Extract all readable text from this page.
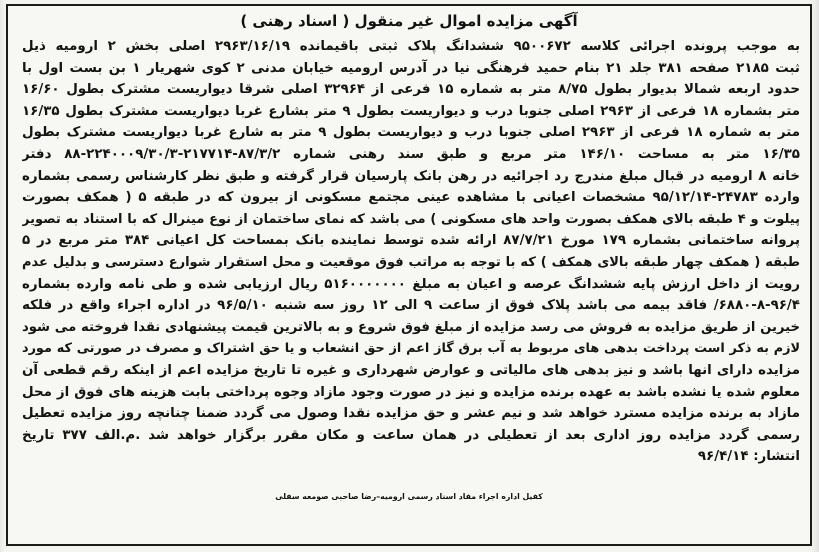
آگهی مزایده اموال غیر منقول ( اسناد رهنی )
به موجب پرونده اجرائی کلاسه ۹۵۰۰۶۷۲ ششدانگ پلاک ثبتی باقیمانده ۲۹۶۳/۱۶/۱۹ اصلی بخش ۲ ارومیه ذیل
ثبت ۲۱۸۵ صفحه ۳۸۱ جلد ۲۱ بنام حمید فرهنگی نیا در آدرس ارومیه خیابان مدنی ۲ کوی شهریار ۱ بن بست اول با
حدود اربعه شمالا بدیوار بطول ۸/۷۵ متر به شماره ۱۵ فرعی از ۳۲۹۶۴ اصلی شرقا دیواریست مشترک بطول ۱۶/۶۰
متر بشماره ۱۸ فرعی از ۲۹۶۳ اصلی جنوبا درب و دیواریست بطول ۹ متر بشارع غربا دیواریست مشترک بطول ۱۶/۳۵
متر به شماره ۱۸ فرعی از ۲۹۶۳ اصلی جنوبا درب و دیواریست بطول ۹ متر به شارع غربا دیواریست مشترک بطول
۱۶/۳۵ متر به مساحت ۱۴۶/۱۰ متر مربع و طبق سند رهنی شماره ۸۷/۳/۲-۲۱۷۷۱۴-۲۲۴۰۰۰۹/۳۰/۳-۸۸ دفتر
خانه ۸ ارومیه در قبال مبلغ مندرج رد اجرائیه در رهن بانک پارسیان قرار گرفته و طبق نظر کارشناس رسمی بشماره
وارده ۲۴۷۸۳-۹۵/۱۲/۱۴ مشخصات اعیانی با مشاهده عینی مجتمع مسکونی از بیرون که در طبقه ۵ ( همکف بصورت
پیلوت و ۴ طبقه بالای همکف بصورت واحد های مسکونی ) می باشد که نمای ساختمان از نوع مینرال که با استناد به تصویر
پروانه ساختمانی بشماره ۱۷۹ مورخ ۸۷/۷/۲۱ ارائه شده توسط نماینده بانک بمساحت کل اعیانی ۳۸۴ متر مربع در ۵
طبقه ( همکف چهار طبقه بالای همکف ) که با توجه به مراتب فوق موقعیت و محل استقرار شوارع دسترسی و بدلیل عدم
رویت از داخل ارزش پایه ششدانگ عرصه و اعیان به مبلغ ۵۱۶۰۰۰۰۰۰۰ ریال ارزیابی شده و طی نامه وارده بشماره
۶۸۸۰-۸-۹۶/۴/ فاقد بیمه می باشد پلاک فوق از ساعت ۹ الی ۱۲ روز سه شنبه ۹۶/۵/۱۰ در اداره اجراء واقع در فلکه
خیرین از طریق مزایده به فروش می رسد مزایده از مبلغ فوق شروع و به بالاترین قیمت پیشنهادی نقدا فروخته می شود
لازم به ذکر است پرداخت بدهی های مربوط به آب برق گاز اعم از حق انشعاب و یا حق اشتراک و مصرف در صورتی که مورد
مزایده دارای انها باشد و نیز بدهی های مالیاتی و عوارض شهرداری و غیره تا تاریخ مزایده اعم از اینکه رقم قطعی آن
معلوم شده یا نشده باشد به عهده برنده مزایده و نیز در صورت وجود مازاد وجوه پرداختی بابت هزینه های فوق از محل
مازاد به برنده مزایده مسترد خواهد شد و نیم عشر و حق مزایده نقدا وصول می گردد ضمنا چنانچه روز مزایده تعطیل
رسمی گردد مزایده روز اداری بعد از تعطیلی در همان ساعت و مکان مقرر برگزار خواهد شد .م.الف ۳۷۷ تاریخ
انتشار: ۹۶/۴/۱۴
کفیل اداره اجراء مفاد اسناد رسمی ارومیه–رضا صاحبی صومعه سفلی
